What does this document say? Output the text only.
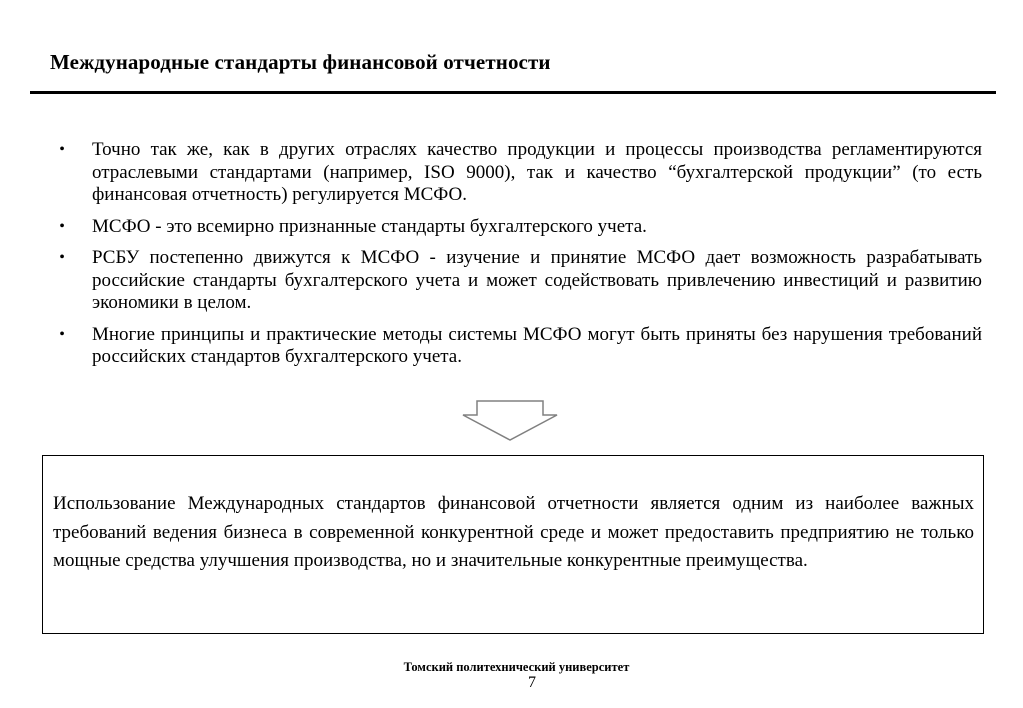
Международные стандарты финансовой отчетности
• Точно так же, как в других отраслях качество продукции и процессы производства регламентируются отраслевыми стандартами (например, ISO 9000), так и качество “бухгалтерской продукции” (то есть финансовая отчетность) регулируется МСФО.
• МСФО - это всемирно признанные стандарты бухгалтерского учета.
• РСБУ постепенно движутся к МСФО - изучение и принятие МСФО дает возможность разрабатывать российские стандарты бухгалтерского учета и может содействовать привлечению инвестиций и развитию экономики в целом.
• Многие принципы и практические методы системы МСФО могут быть приняты без нарушения требований российских стандартов бухгалтерского учета.
Использование Международных стандартов финансовой отчетности является одним из наиболее важных требований ведения бизнеса в современной конкурентной среде и может предоставить предприятию не только мощные средства улучшения производства, но и значительные конкурентные преимущества.
Томский политехнический университет
7
